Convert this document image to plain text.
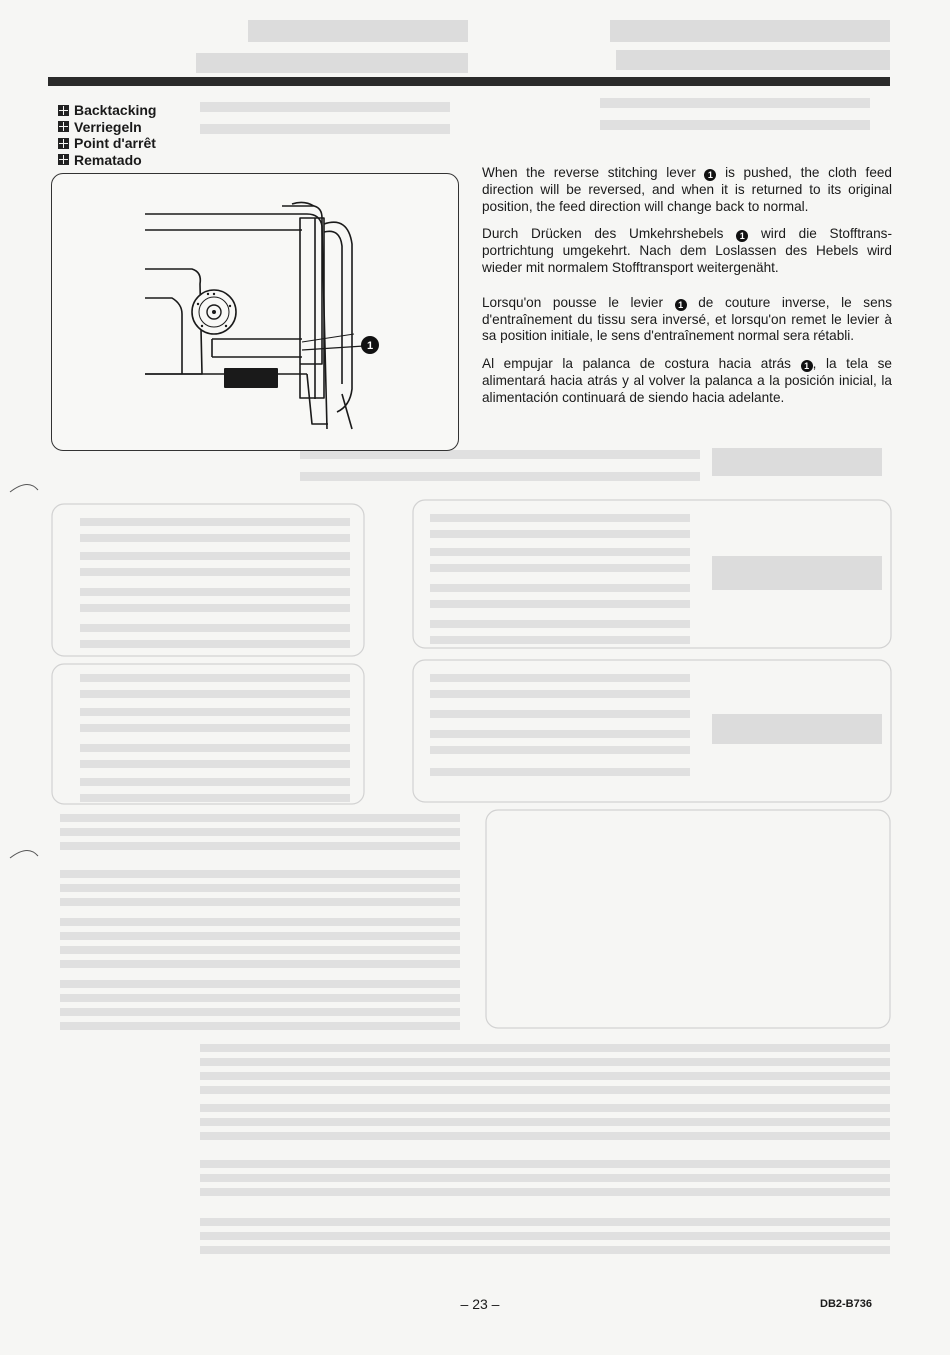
Backtacking
Verriegeln
Point d'arrêt
Rematado
1

When the reverse stitching lever 1 is pushed, the cloth feed direction will be reversed, and when it is returned to its original position, the feed direction will change back to normal.

Durch Drücken des Umkehrshebels 1 wird die Stofftransportrichtung umgekehrt. Nach dem Loslassen des Hebels wird wieder mit normalem Stofftransport weitergenäht.

Lorsqu'on pousse le levier 1 de couture inverse, le sens d'entraînement du tissu sera inversé, et lorsqu'on remet le levier à sa position initiale, le sens d'entraînement normal sera rétabli.

Al empujar la palanca de costura hacia atrás 1 , la tela se alimentará hacia atrás y al volver la palanca a la posición inicial, la alimentación continuará de siendo hacia adelante.

– 23 –	DB2-B736
